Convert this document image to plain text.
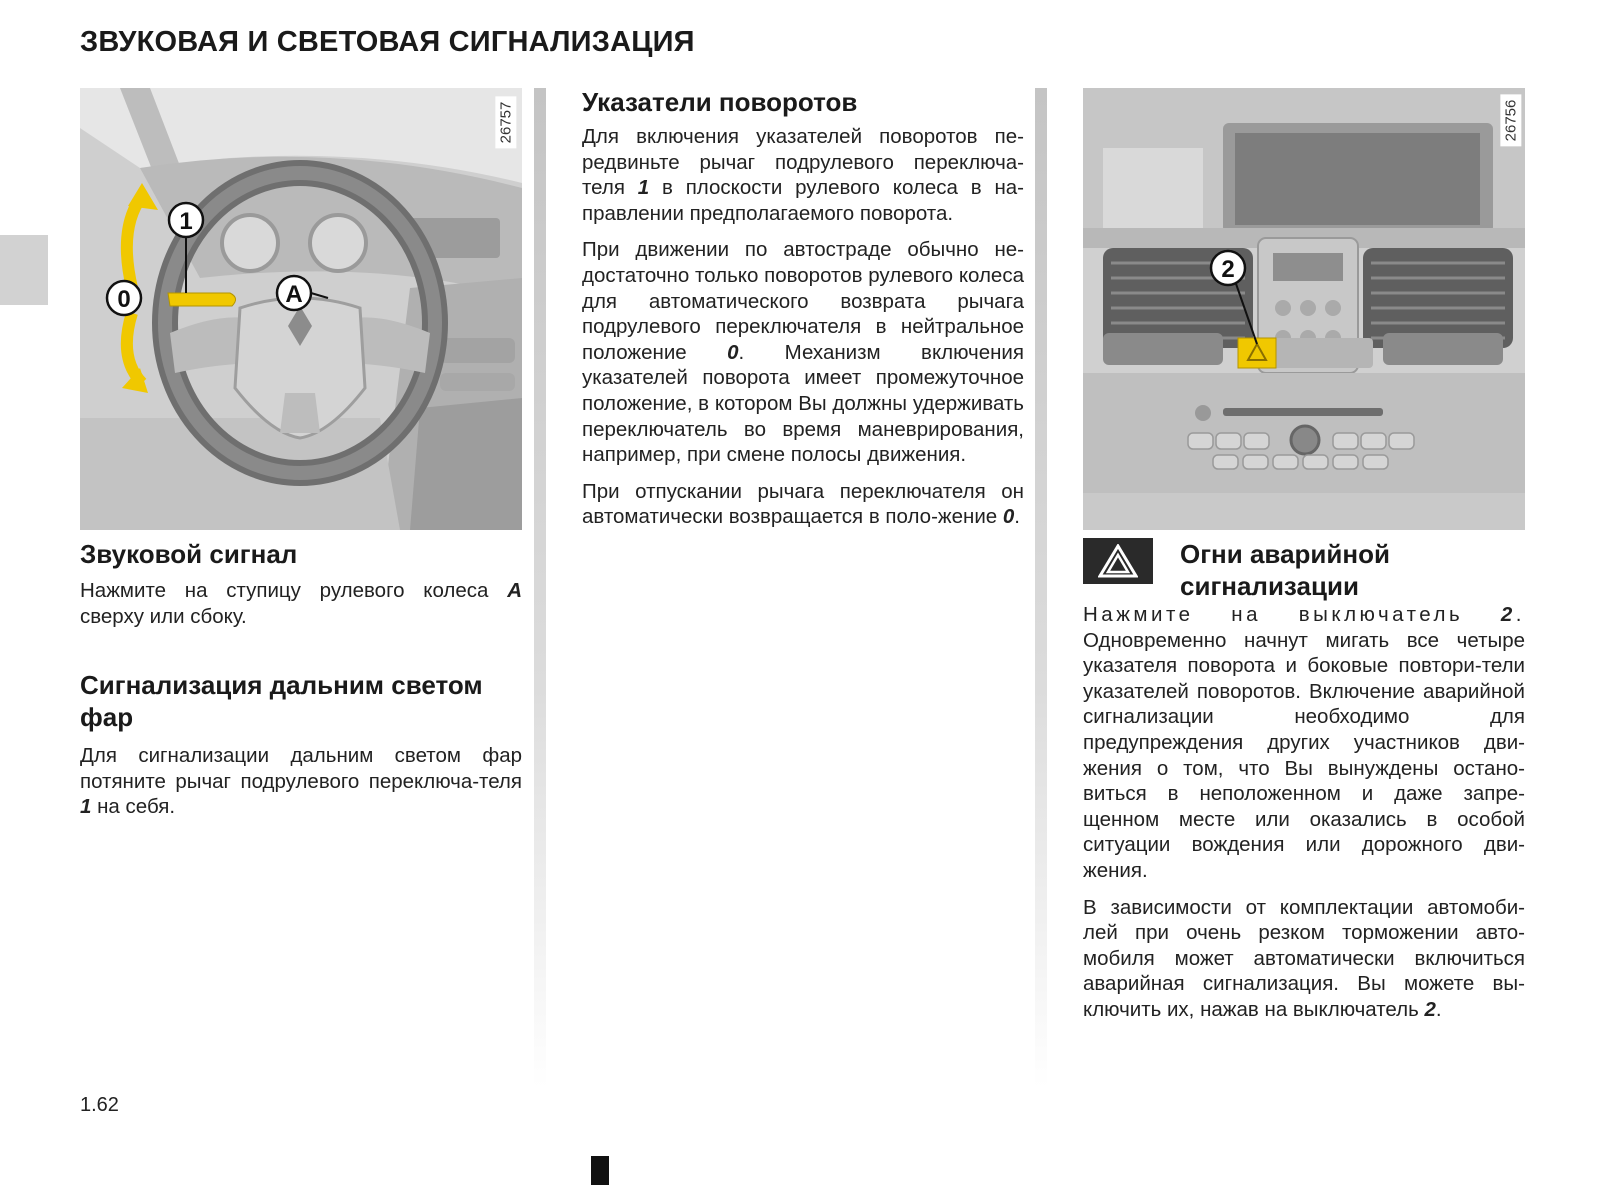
ЗВУКОВАЯ И СВЕТОВАЯ СИГНАЛИЗАЦИЯ
1
0	A
26757
Звуковой сигнал

Нажмите на ступицу рулевого колеса A сверху или сбоку.

Сигнализация дальним светом фар

Для сигнализации дальним светом фар потяните рычаг подрулевого переключа-теля 1 на себя.

Указатели поворотов

Для включения указателей поворотов пе-редвиньте рычаг подрулевого переключа-теля 1 в плоскости рулевого колеса в на-правлении предполагаемого поворота.

При движении по автостраде обычно не-достаточно только поворотов рулевого колеса для автоматического возврата рычага подрулевого переключателя в нейтральное положение 0. Механизм включения указателей поворота имеет промежуточное положение, в котором Вы должны удерживать переключатель во время маневрирования, например, при смене полосы движения.

При отпускании рычага переключателя он автоматически возвращается в поло-жение 0.

2
26756
Огни аварийной сигнализации

Нажмите на выключатель 2. Одновременно начнут мигать все четыре указателя поворота и боковые повтори-тели указателей поворотов. Включение аварийной сигнализации необходимо для предупреждения других участников дви-жения о том, что Вы вынуждены остано-виться в неположенном и даже запре-щенном месте или оказались в особой ситуации вождения или дорожного дви-жения.

В зависимости от комплектации автомоби-лей при очень резком торможении авто-мобиля может автоматически включиться аварийная сигнализация. Вы можете вы-ключить их, нажав на выключатель 2.

1.62
